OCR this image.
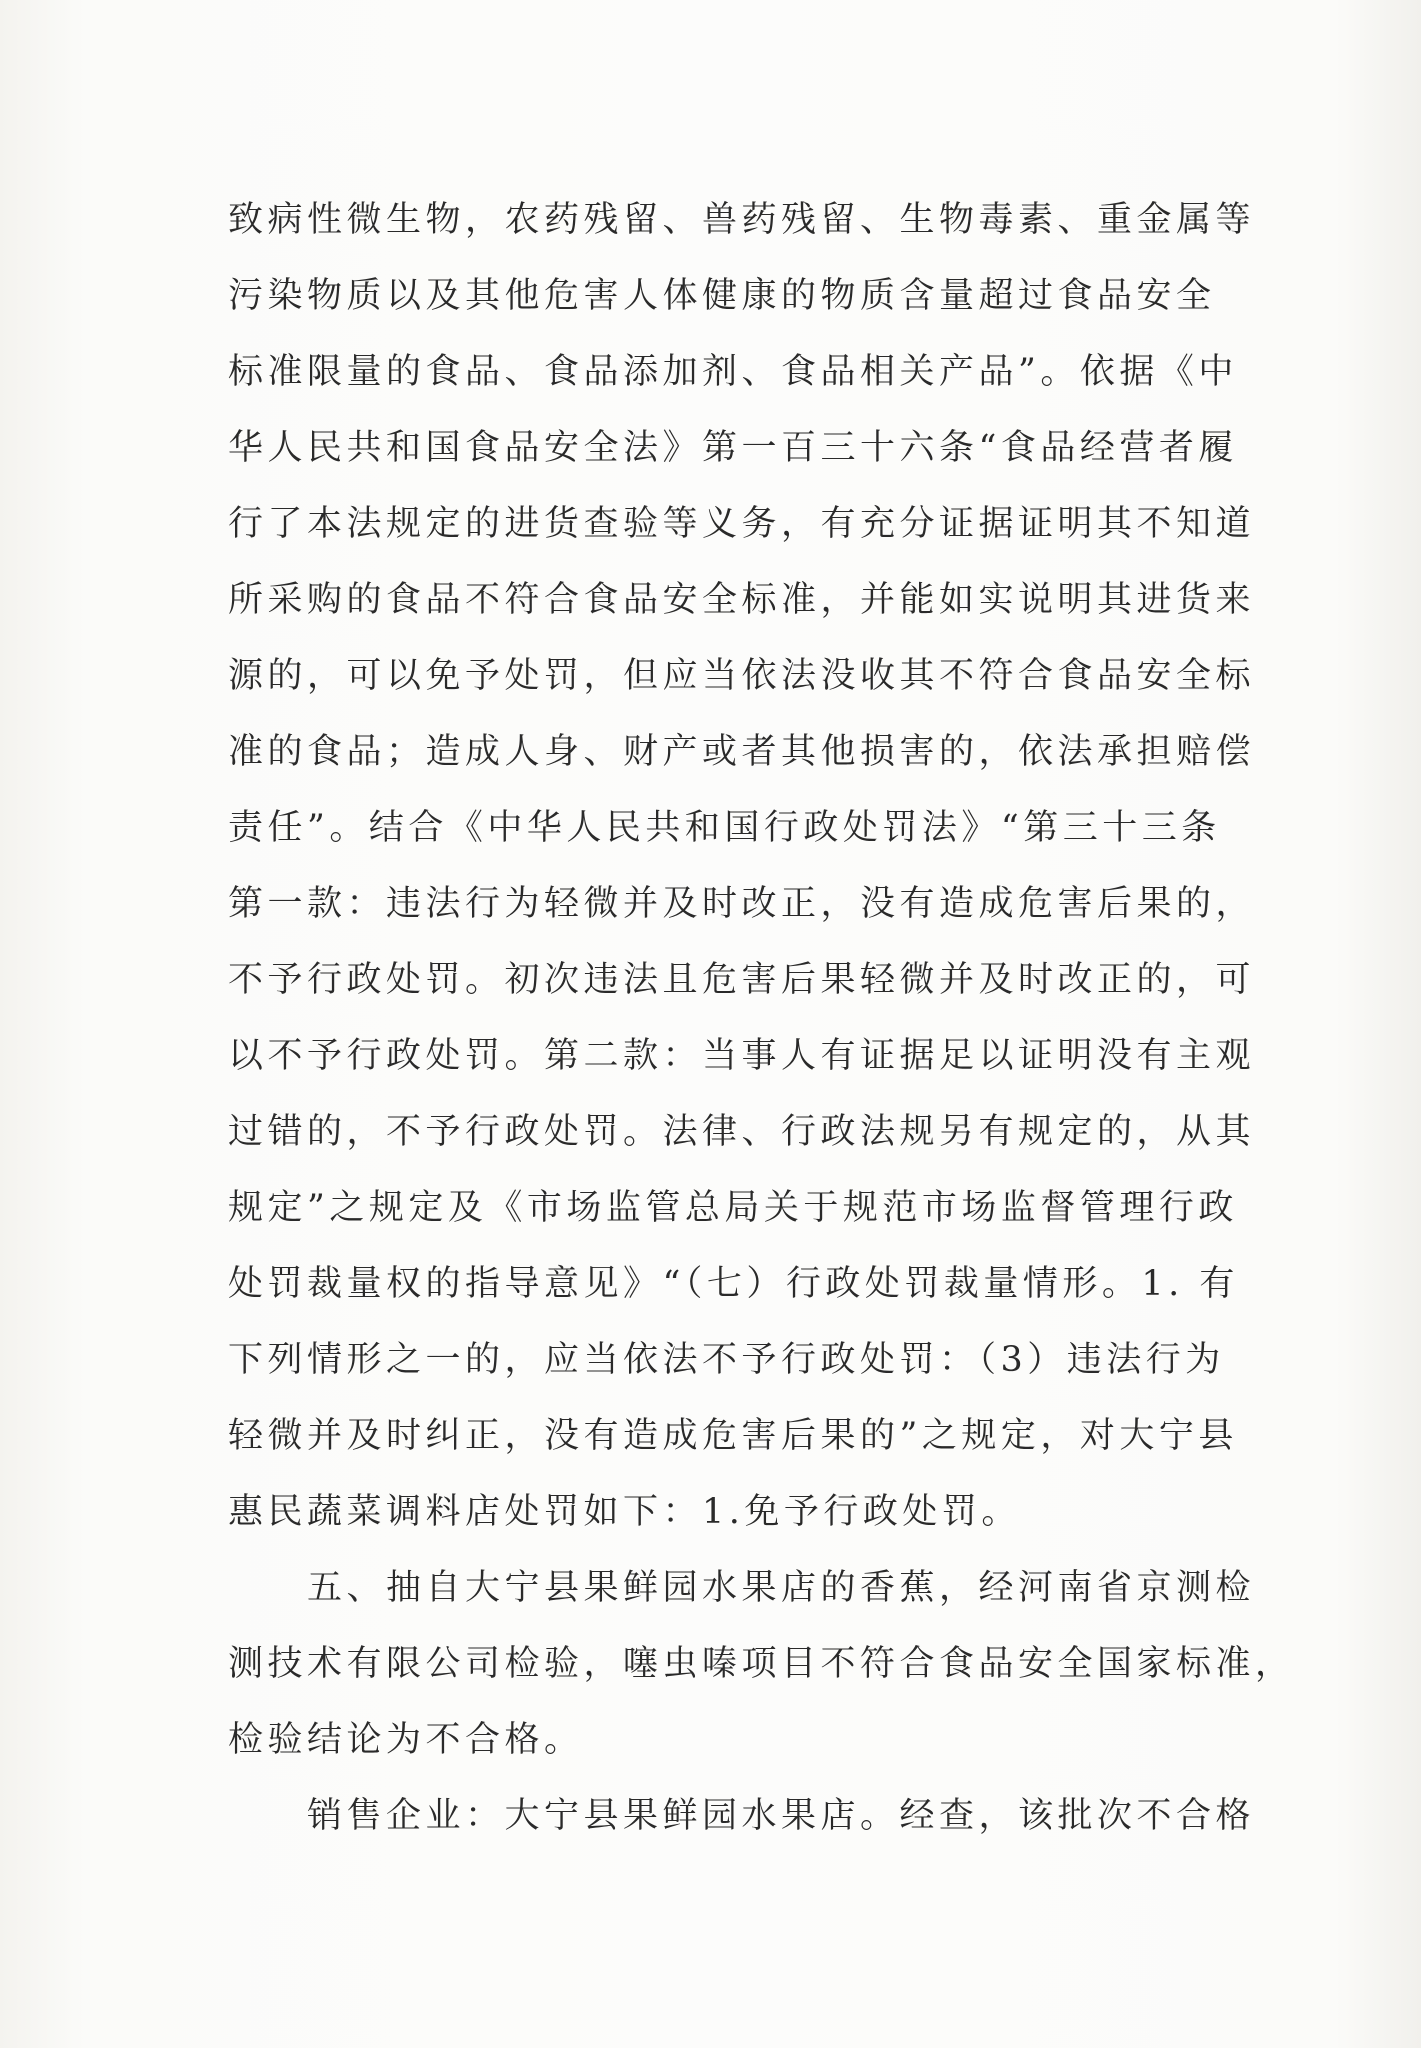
致病性微生物，农药残留、兽药残留、生物毒素、重金属等
污染物质以及其他危害人体健康的物质含量超过食品安全
标准限量的食品、食品添加剂、食品相关产品”。依据《中
华人民共和国食品安全法》第一百三十六条“食品经营者履
行了本法规定的进货查验等义务，有充分证据证明其不知道
所采购的食品不符合食品安全标准，并能如实说明其进货来
源的，可以免予处罚，但应当依法没收其不符合食品安全标
准的食品；造成人身、财产或者其他损害的，依法承担赔偿
责任”。结合《中华人民共和国行政处罚法》“第三十三条
第一款：违法行为轻微并及时改正，没有造成危害后果的，
不予行政处罚。初次违法且危害后果轻微并及时改正的，可
以不予行政处罚。第二款：当事人有证据足以证明没有主观
过错的，不予行政处罚。法律、行政法规另有规定的，从其
规定”之规定及《市场监管总局关于规范市场监督管理行政
处罚裁量权的指导意见》“（七）行政处罚裁量情形。1. 有
下列情形之一的，应当依法不予行政处罚：（3）违法行为
轻微并及时纠正，没有造成危害后果的”之规定，对大宁县
惠民蔬菜调料店处罚如下：1.免予行政处罚。
　　五、抽自大宁县果鲜园水果店的香蕉，经河南省京测检
测技术有限公司检验，噻虫嗪项目不符合食品安全国家标准，
检验结论为不合格。
　　销售企业：大宁县果鲜园水果店。经查，该批次不合格
